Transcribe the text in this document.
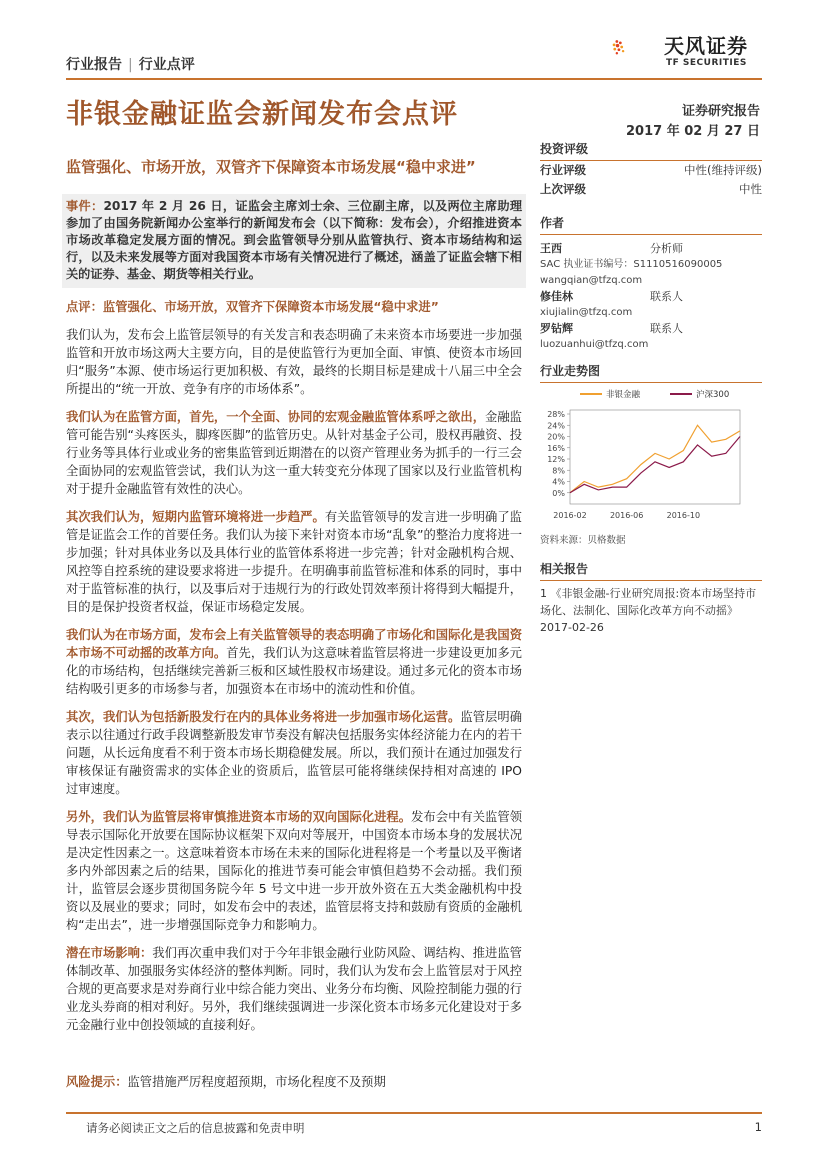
行业报告 | 行业点评
天风证券
TF SECURITIES
非银金融证监会新闻发布会点评	证券研究报告
2017 年 02 月 27 日
监管强化、市场开放，双管齐下保障资本市场发展“稳中求进”
事件：2017 年 2 月 26 日，证监会主席刘士余、三位副主席，以及两位主席助理参加了由国务院新闻办公室举行的新闻发布会（以下简称：发布会），介绍推进资本市场改革稳定发展方面的情况。到会监管领导分别从监管执行、资本市场结构和运行，以及未来发展等方面对我国资本市场有关情况进行了概述，涵盖了证监会辖下相关的证券、基金、期货等相关行业。

点评：监管强化、市场开放，双管齐下保障资本市场发展“稳中求进”

我们认为，发布会上监管层领导的有关发言和表态明确了未来资本市场要进一步加强监管和开放市场这两大主要方向，目的是使监管行为更加全面、审慎、使资本市场回归“服务”本源、使市场运行更加积极、有效，最终的长期目标是建成十八届三中全会所提出的“统一开放、竞争有序的市场体系”。

我们认为在监管方面，首先，一个全面、协同的宏观金融监管体系呼之欲出，金融监管可能告别“头疼医头，脚疼医脚”的监管历史。从针对基金子公司，股权再融资、投行业务等具体行业或业务的密集监管到近期潜在的以资产管理业务为抓手的一行三会全面协同的宏观监管尝试，我们认为这一重大转变充分体现了国家以及行业监管机构对于提升金融监管有效性的决心。

其次我们认为，短期内监管环境将进一步趋严。有关监管领导的发言进一步明确了监管是证监会工作的首要任务。我们认为接下来针对资本市场“乱象”的整治力度将进一步加强；针对具体业务以及具体行业的监管体系将进一步完善；针对金融机构合规、风控等自控系统的建设要求将进一步提升。在明确事前监管标准和体系的同时，事中对于监管标准的执行，以及事后对于违规行为的行政处罚效率预计将得到大幅提升，目的是保护投资者权益，保证市场稳定发展。

我们认为在市场方面，发布会上有关监管领导的表态明确了市场化和国际化是我国资本市场不可动摇的改革方向。首先，我们认为这意味着监管层将进一步建设更加多元化的市场结构，包括继续完善新三板和区域性股权市场建设。通过多元化的资本市场结构吸引更多的市场参与者，加强资本在市场中的流动性和价值。

其次，我们认为包括新股发行在内的具体业务将进一步加强市场化运营。监管层明确表示以往通过行政手段调整新股发审节奏没有解决包括服务实体经济能力在内的若干问题，从长远角度看不利于资本市场长期稳健发展。所以，我们预计在通过加强发行审核保证有融资需求的实体企业的资质后，监管层可能将继续保持相对高速的 IPO 过审速度。

另外，我们认为监管层将审慎推进资本市场的双向国际化进程。发布会中有关监管领导表示国际化开放要在国际协议框架下双向对等展开，中国资本市场本身的发展状况是决定性因素之一。这意味着资本市场在未来的国际化进程将是一个考量以及平衡诸多内外部因素之后的结果，国际化的推进节奏可能会审慎但趋势不会动摇。我们预计，监管层会逐步贯彻国务院今年 5 号文中进一步开放外资在五大类金融机构中投资以及展业的要求；同时，如发布会中的表述，监管层将支持和鼓励有资质的金融机构“走出去”，进一步增强国际竞争力和影响力。

潜在市场影响：我们再次重申我们对于今年非银金融行业防风险、调结构、推进监管体制改革、加强服务实体经济的整体判断。同时，我们认为发布会上监管层对于风控合规的更高要求是对券商行业中综合能力突出、业务分布均衡、风险控制能力强的行业龙头券商的相对利好。另外，我们继续强调进一步深化资本市场多元化建设对于多元金融行业中创投领域的直接利好。

风险提示：监管措施严厉程度超预期，市场化程度不及预期
投资评级
行业评级	中性(维持评级)
上次评级	中性
作者
王西	分析师
SAC 执业证书编号：S1110516090005
wangqian@tfzq.com
修佳林	联系人
xiujialin@tfzq.com
罗钻辉	联系人
luozuanhui@tfzq.com
行业走势图
0%
4%
8%
12%
16%
20%
24%
28%
2016-02	2016-06	2016-10
非银金融	沪深300
资料来源：贝格数据
相关报告
1 《非银金融-行业研究周报:资本市场坚持市场化、法制化、国际化改革方向不动摇》 2017-02-26
请务必阅读正文之后的信息披露和免责申明	1
